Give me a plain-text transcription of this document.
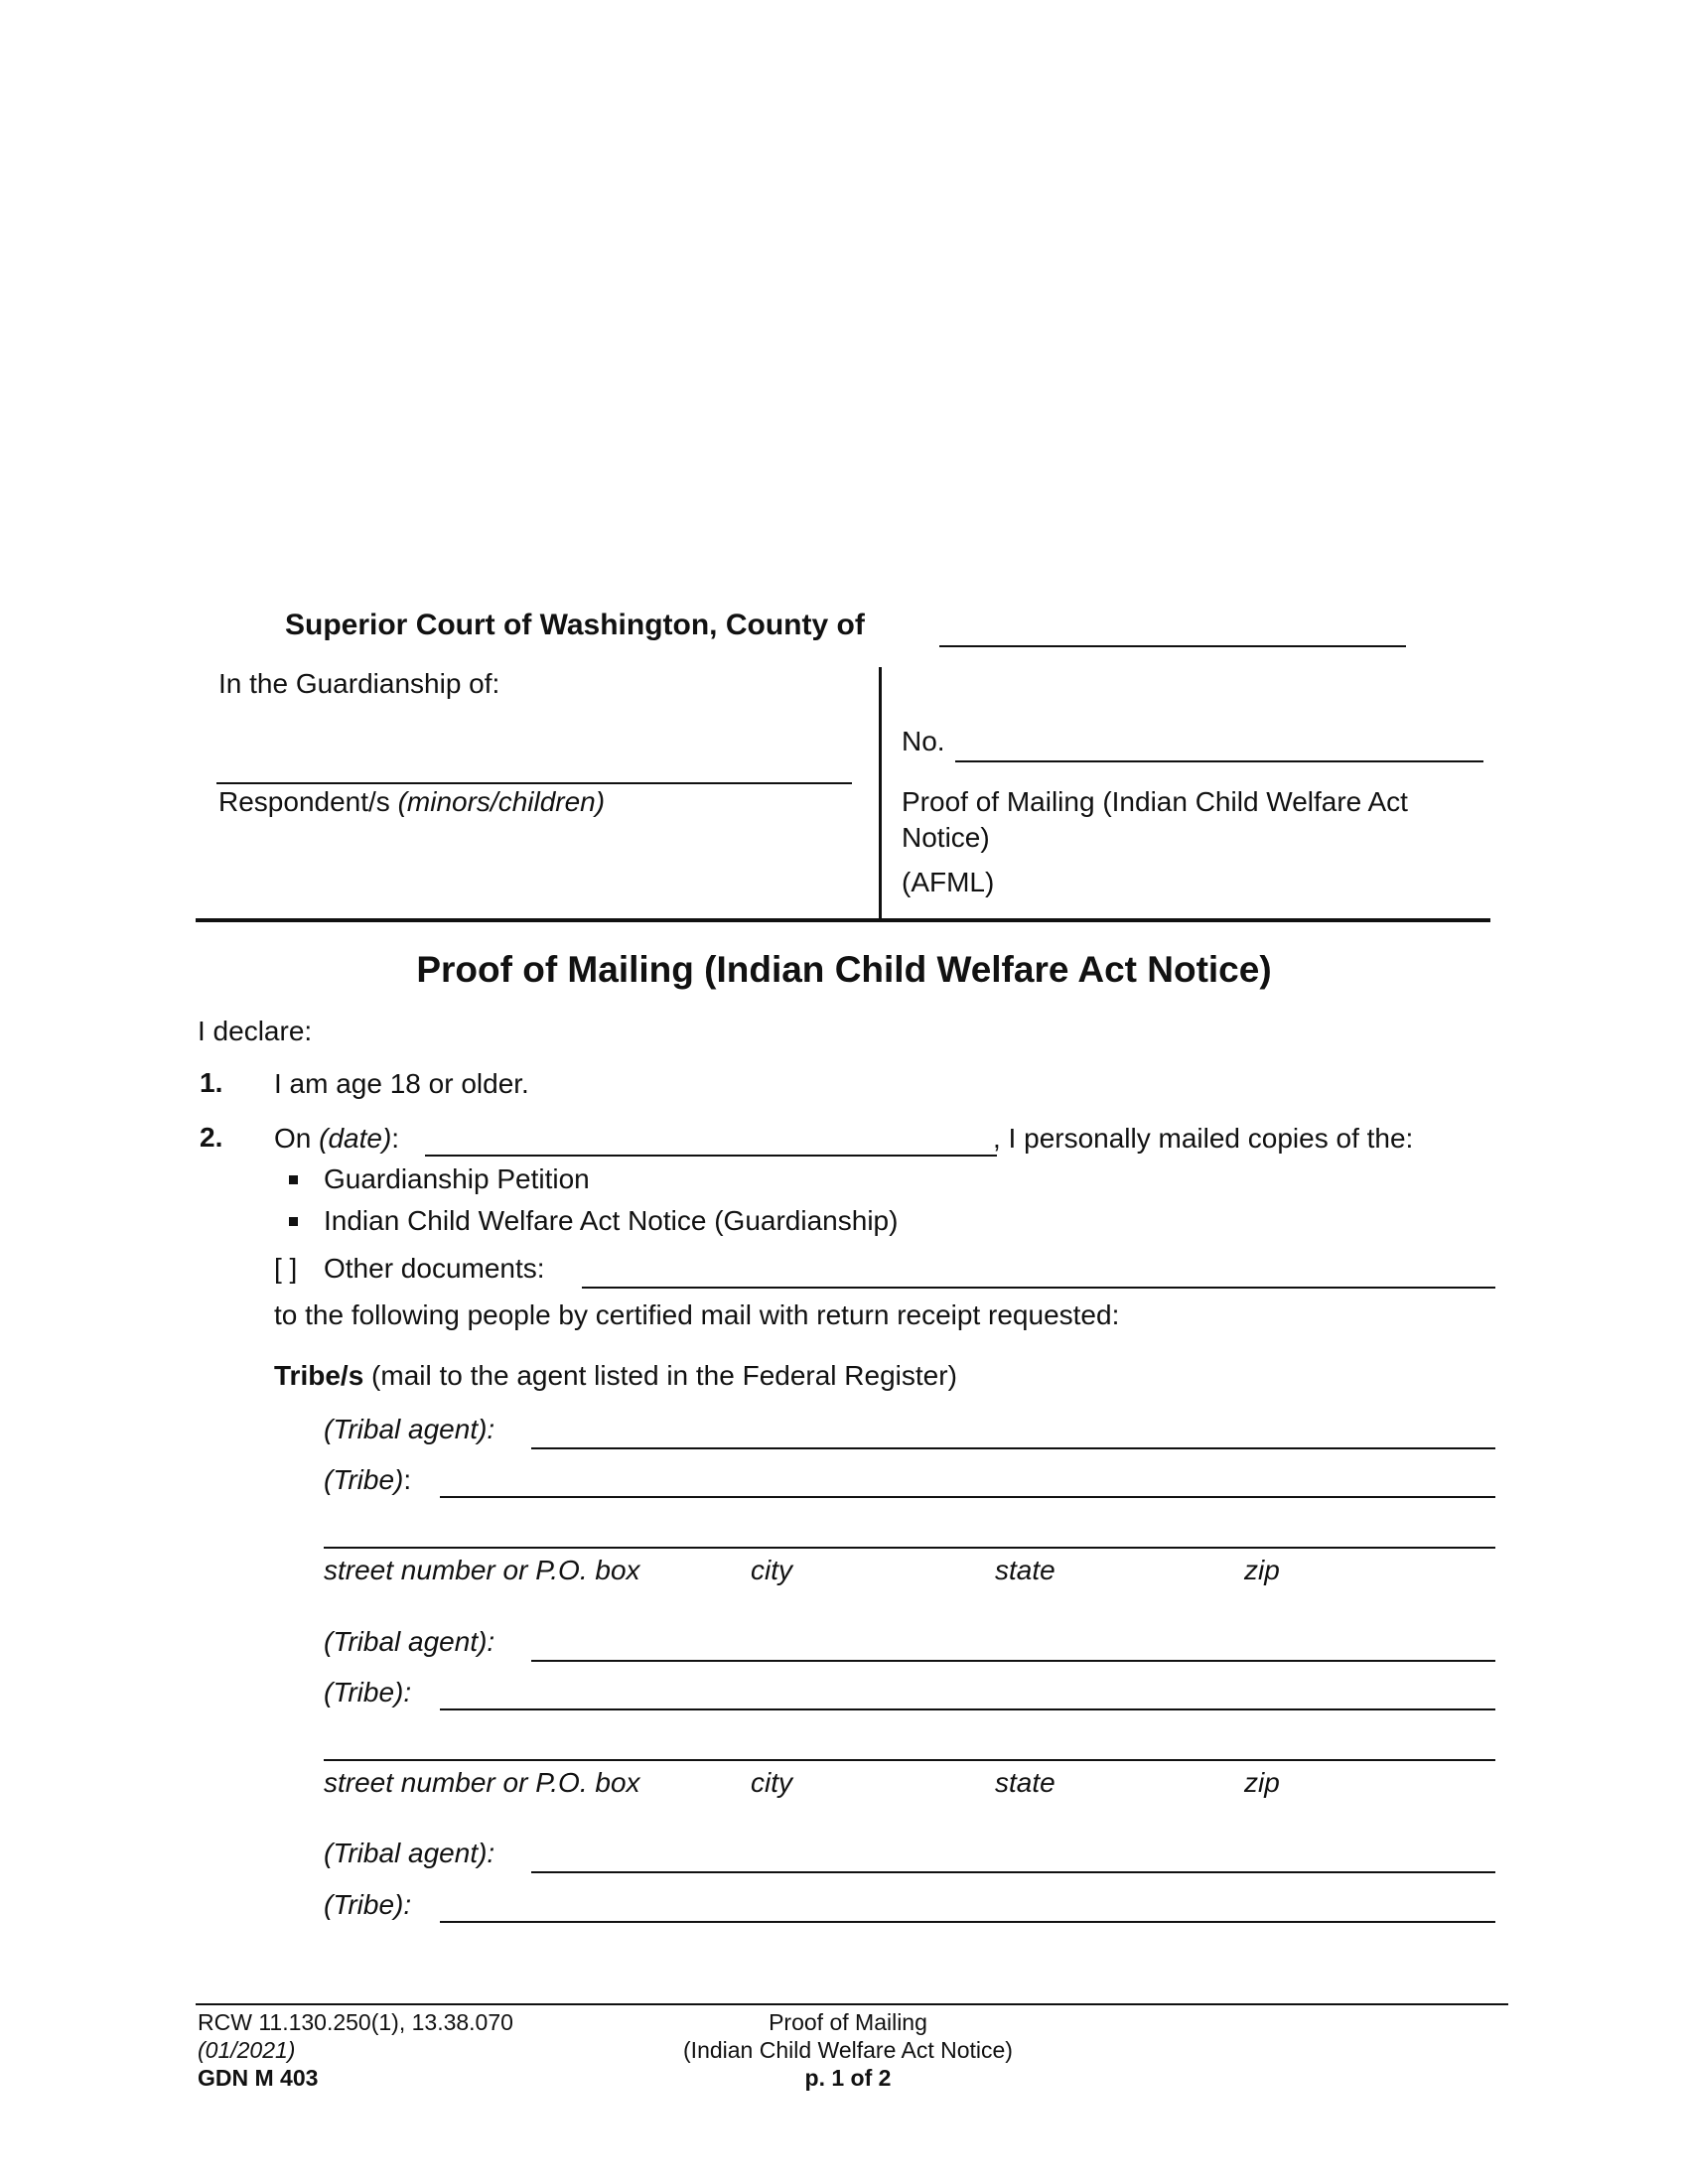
Superior Court of Washington, County of
In the Guardianship of:
Respondent/s (minors/children)
No.
Proof of Mailing (Indian Child Welfare Act
Notice)
(AFML)
Proof of Mailing (Indian Child Welfare Act Notice)
I declare:
1. I am age 18 or older.
2. On (date):	, I personally mailed copies of the:
Guardianship Petition
Indian Child Welfare Act Notice (Guardianship)
[ ] Other documents:
to the following people by certified mail with return receipt requested:
Tribe/s (mail to the agent listed in the Federal Register)
(Tribal agent):
(Tribe):
street number or P.O. box	city	state	zip
(Tribal agent):
(Tribe):
street number or P.O. box	city	state	zip
(Tribal agent):
(Tribe):
RCW 11.130.250(1), 13.38.070
(01/2021)
GDN M 403
Proof of Mailing
(Indian Child Welfare Act Notice)
p. 1 of 2
